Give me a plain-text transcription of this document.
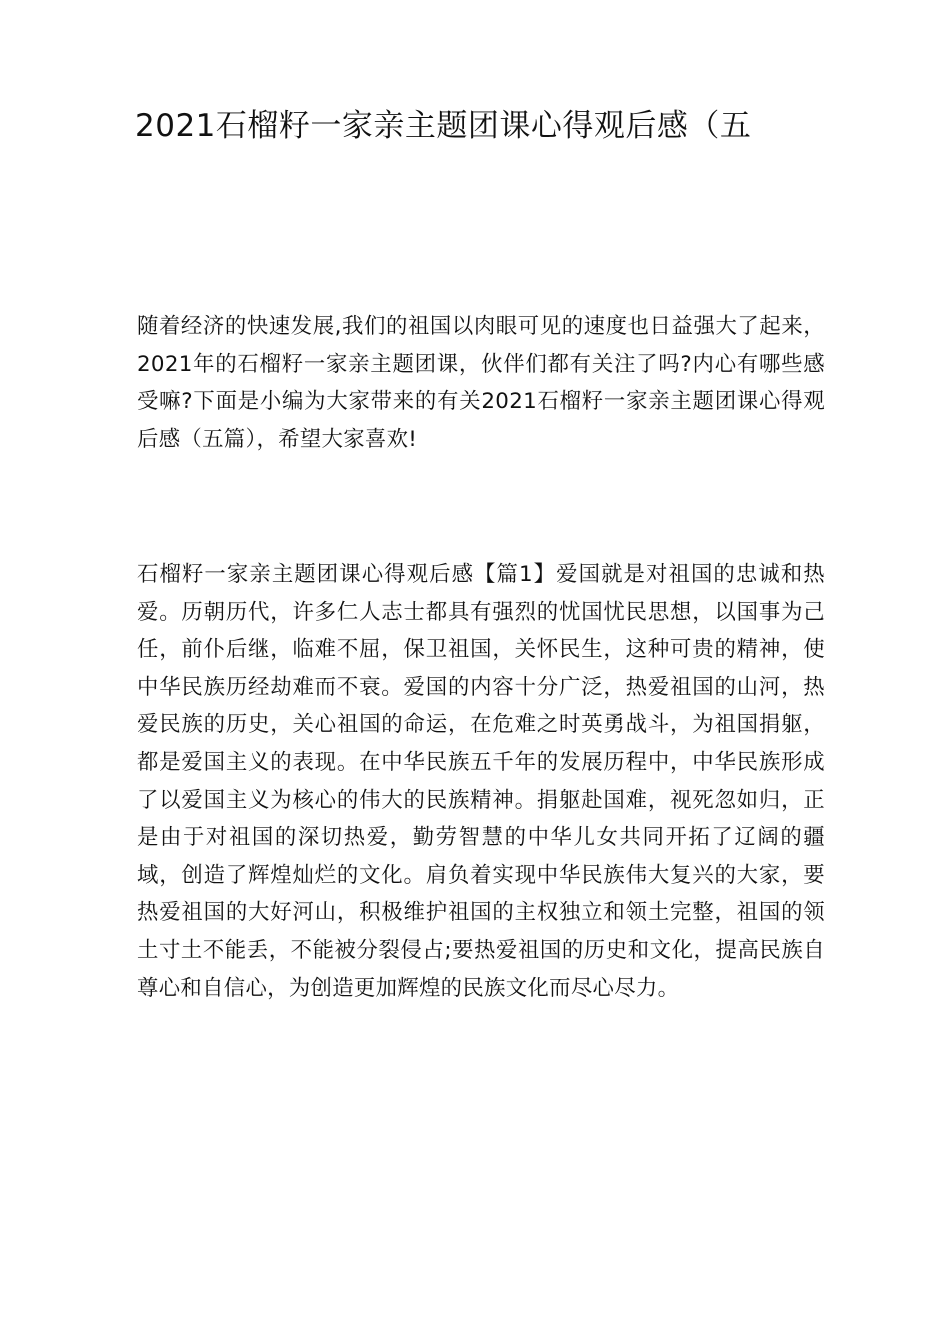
2021石榴籽一家亲主题团课心得观后感（五

随着经济的快速发展,我们的祖国以肉眼可见的速度也日益强大了起来，2021年的石榴籽一家亲主题团课，伙伴们都有关注了吗?内心有哪些感受嘛?下面是小编为大家带来的有关2021石榴籽一家亲主题团课心得观后感（五篇），希望大家喜欢!

石榴籽一家亲主题团课心得观后感【篇1】爱国就是对祖国的忠诚和热爱。历朝历代，许多仁人志士都具有强烈的忧国忧民思想，以国事为己任，前仆后继，临难不屈，保卫祖国，关怀民生，这种可贵的精神，使中华民族历经劫难而不衰。爱国的内容十分广泛，热爱祖国的山河，热爱民族的历史，关心祖国的命运，在危难之时英勇战斗，为祖国捐躯，都是爱国主义的表现。在中华民族五千年的发展历程中，中华民族形成了以爱国主义为核心的伟大的民族精神。捐躯赴国难，视死忽如归，正是由于对祖国的深切热爱，勤劳智慧的中华儿女共同开拓了辽阔的疆域，创造了辉煌灿烂的文化。肩负着实现中华民族伟大复兴的大家，要热爱祖国的大好河山，积极维护祖国的主权独立和领土完整，祖国的领土寸土不能丢，不能被分裂侵占;要热爱祖国的历史和文化，提高民族自尊心和自信心，为创造更加辉煌的民族文化而尽心尽力。
